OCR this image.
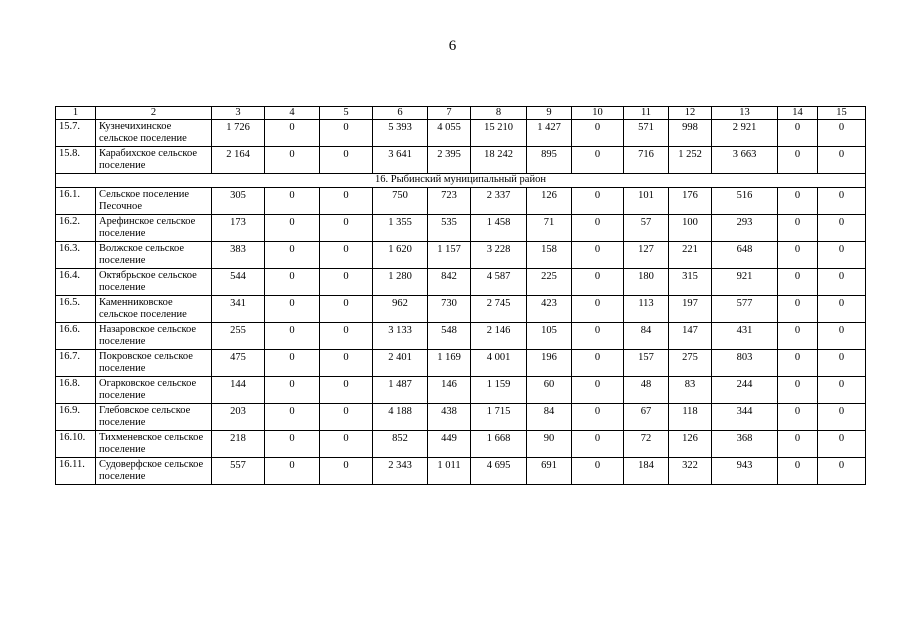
6
1	2	3	4	5	6	7	8	9	10	11	12	13	14	15
15.7.	Кузнечихинское сельское поселение	1 726	0	0	5 393	4 055	15 210	1 427	0	571	998	2 921	0	0
15.8.	Карабихское сельское поселение	2 164	0	0	3 641	2 395	18 242	895	0	716	1 252	3 663	0	0
16. Рыбинский муниципальный район														
16.1.	Сельское поселение Песочное	305	0	0	750	723	2 337	126	0	101	176	516	0	0
16.2.	Арефинское сельское поселение	173	0	0	1 355	535	1 458	71	0	57	100	293	0	0
16.3.	Волжское сельское поселение	383	0	0	1 620	1 157	3 228	158	0	127	221	648	0	0
16.4.	Октябрьское сельское поселение	544	0	0	1 280	842	4 587	225	0	180	315	921	0	0
16.5.	Каменниковское сельское поселение	341	0	0	962	730	2 745	423	0	113	197	577	0	0
16.6.	Назаровское сельское поселение	255	0	0	3 133	548	2 146	105	0	84	147	431	0	0
16.7.	Покровское сельское поселение	475	0	0	2 401	1 169	4 001	196	0	157	275	803	0	0
16.8.	Огарковское сельское поселение	144	0	0	1 487	146	1 159	60	0	48	83	244	0	0
16.9.	Глебовское сельское поселение	203	0	0	4 188	438	1 715	84	0	67	118	344	0	0
16.10.	Тихменевское сельское поселение	218	0	0	852	449	1 668	90	0	72	126	368	0	0
16.11.	Судоверфское сельское поселение	557	0	0	2 343	1 011	4 695	691	0	184	322	943	0	0
